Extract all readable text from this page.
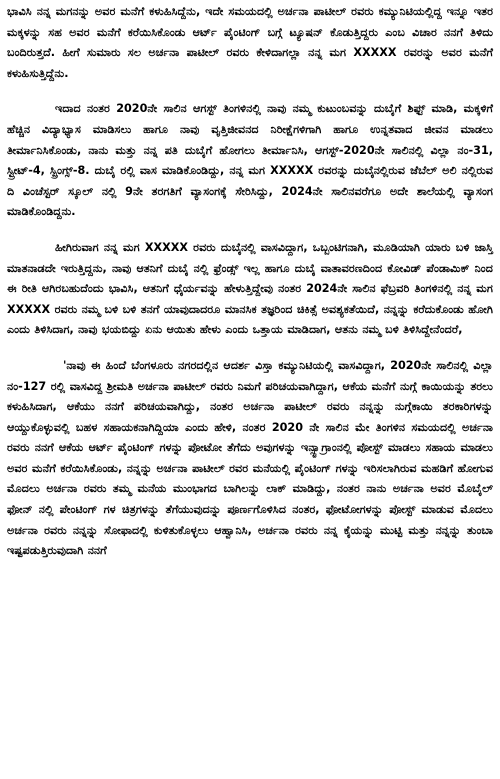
ಭಾವಿಸಿ ನನ್ನ ಮಗನನ್ನು ಅವರ ಮನೆಗೆ ಕಳುಹಿಸಿದ್ದೆನು, ಇದೇ ಸಮಯದಲ್ಲಿ ಅರ್ಚನಾ ಪಾಟೀಲ್ ರವರು ಕಮ್ಯುನಿಟಿಯಲ್ಲಿದ್ದ ಇನ್ನೂ ಇತರ ಮಕ್ಕಳನ್ನು ಸಹ ಅವರ ಮನೆಗೆ ಕರೆಯಿಸಿಕೊಂಡು ಆರ್ಟ್ ಪೈಂಟಿಂಗ್ ಬಗ್ಗೆ ಟ್ಯೂಷನ್ ಕೊಡುತ್ತಿದ್ದರು ಎಂಬ ವಿಚಾರ ನನಗೆ ತಿಳಿದು ಬಂದಿರುತ್ತದೆ. ಹೀಗೆ ಸುಮಾರು ಸಲ ಅರ್ಚನಾ ಪಾಟೀಲ್ ರವರು ಕೇಳಿದಾಗಲ್ಲಾ ನನ್ನ ಮಗ XXXXX ರವರನ್ನು ಅವರ ಮನೆಗೆ ಕಳುಹಿಸುತ್ತಿದ್ದೆನು.

ಇದಾದ ನಂತರ 2020ನೇ ಸಾಲಿನ ಆಗಸ್ಟ್ ತಿಂಗಳಿನಲ್ಲಿ ನಾವು ನಮ್ಮ ಕುಟುಂಬವನ್ನು ದುಬೈಗೆ ಶಿಫ್ಟ್ ಮಾಡಿ, ಮಕ್ಕಳಿಗೆ ಹೆಚ್ಚಿನ ವಿದ್ಯಾಭ್ಯಾಸ ಮಾಡಿಸಲು ಹಾಗೂ ನಾವು ವೃತ್ತಿಜೀವನದ ನಿರೀಕ್ಷೆಗಳಿಗಾಗಿ ಹಾಗೂ ಉನ್ನತವಾದ ಜೀವನ ಮಾಡಲು ತೀರ್ಮಾನಿಸಿಕೊಂಡು, ನಾನು ಮತ್ತು ನನ್ನ ಪತಿ ದುಬೈಗೆ ಹೋಗಲು ತೀರ್ಮಾನಿಸಿ, ಆಗಸ್ಟ್-2020ನೇ ಸಾಲಿನಲ್ಲಿ ವಿಲ್ಲಾ ನಂ-31, ಸ್ಟ್ರೀಟ್-4, ಸ್ಪ್ರಿಂಗ್ಸ್-8. ದುಬೈ ರಲ್ಲಿ ವಾಸ ಮಾಡಿಕೊಂಡಿದ್ದು, ನನ್ನ ಮಗ XXXXX ರವರನ್ನು ದುಬೈನಲ್ಲಿರುವ ಜೆಬೆಲ್ ಅಲಿ ನಲ್ಲಿರುವ ದಿ ವಿಂಚೆಸ್ಟರ್ ಸ್ಕೂಲ್ ನಲ್ಲಿ 9ನೇ ತರಗತಿಗೆ ವ್ಯಾಸಂಗಕ್ಕೆ ಸೇರಿಸಿದ್ದು, 2024ನೇ ಸಾಲಿನವರೆಗೂ ಅದೇ ಶಾಲೆಯಲ್ಲಿ ವ್ಯಾಸಂಗ ಮಾಡಿಕೊಂಡಿದ್ದನು.

ಹೀಗಿರುವಾಗ ನನ್ನ ಮಗ XXXXX ರವರು ದುಬೈನಲ್ಲಿ ವಾಸವಿದ್ದಾಗ, ಒಬ್ಬಂಟಿಗನಾಗಿ, ಮೂಡಿಯಾಗಿ ಯಾರು ಬಳಿ ಜಾಸ್ತಿ ಮಾತನಾಡದೇ ಇರುತ್ತಿದ್ದನು, ನಾವು ಆತನಿಗೆ ದುಬೈ ನಲ್ಲಿ ಫ್ರೆಂಡ್ಸ್ ಇಲ್ಲ ಹಾಗೂ ದುಬೈ ವಾತಾವರಣದಿಂದ ಕೋವಿಡ್ ಪೆಂಡಾಮಿಕ್ ನಿಂದ ಈ ರೀತಿ ಆಗಿರಬಹುದೆಂದು ಭಾವಿಸಿ, ಆತನಿಗೆ ಧೈರ್ಯವನ್ನು ಹೇಳುತ್ತಿದ್ದೇವು ನಂತರ 2024ನೇ ಸಾಲಿನ ಫೆಬ್ರವರಿ ತಿಂಗಳಿನಲ್ಲಿ ನನ್ನ ಮಗ XXXXX ರವರು ನಮ್ಮ ಬಳಿ ಬಳಿ ತನಗೆ ಯಾವುದಾದರೂ ಮಾನಸಿಕ ತಜ್ಞರಿಂದ ಚಿಕಿತ್ಸೆ ಅವಶ್ಯಕತೆಯಿದೆ, ನನ್ನನ್ನು ಕರೆದುಕೊಂಡು ಹೋಗಿ ಎಂದು ತಿಳಿಸಿದಾಗ, ನಾವು ಭಯಬಿದ್ದು ಏನು ಆಯಿತು ಹೇಳು ಎಂದು ಒತ್ತಾಯ ಮಾಡಿದಾಗ, ಆತನು ನಮ್ಮ ಬಳಿ ತಿಳಿಸಿದ್ದೇನೆಂದರೆ,

'ನಾವು ಈ ಹಿಂದೆ ಬೆಂಗಳೂರು ನಗರದಲ್ಲಿನ ಆದರ್ಶ ವಿಸ್ತಾ ಕಮ್ಯುನಿಟಿಯಲ್ಲಿ ವಾಸವಿದ್ದಾಗ, 2020ನೇ ಸಾಲಿನಲ್ಲಿ ವಿಲ್ಲಾ ನಂ-127 ರಲ್ಲಿ ವಾಸವಿದ್ದ ಶ್ರೀಮತಿ ಅರ್ಚನಾ ಪಾಟೀಲ್ ರವರು ನಿಮಗೆ ಪರಿಚಯವಾಗಿದ್ದಾಗ, ಆಕೆಯ ಮನೆಗೆ ನುಗ್ಗೆ ಕಾಯಿಯನ್ನು ತರಲು ಕಳುಹಿಸಿದಾಗ, ಆಕೆಯು ನನಗೆ ಪರಿಚಯವಾಗಿದ್ದು, ನಂತರ ಅರ್ಚನಾ ಪಾಟೀಲ್ ರವರು ನನ್ನನ್ನು ನುಗ್ಗೆಕಾಯಿ ತರಕಾರಿಗಳನ್ನು ಆಯ್ದುಕೊಳ್ಳುವಲ್ಲಿ ಬಹಳ ಸಹಾಯಕನಾಗಿದ್ದಿಯಾ ಎಂದು ಹೇಳಿ, ನಂತರ 2020 ನೇ ಸಾಲಿನ ಮೇ ತಿಂಗಳಿನ ಸಮಯದಲ್ಲಿ ಅರ್ಚನಾ ರವರು ನನಗೆ ಆಕೆಯ ಆರ್ಟ್ ಪೈಂಟಿಂಗ್ ಗಳನ್ನು ಪೋಟೋ ತೆಗೆದು ಅವುಗಳನ್ನು ಇನ್ಸ್ಟಾಗ್ರಾಂನಲ್ಲಿ ಪೋಸ್ಟ್ ಮಾಡಲು ಸಹಾಯ ಮಾಡಲು ಅವರ ಮನೆಗೆ ಕರೆಯಿಸಿಕೊಂಡು, ನನ್ನನ್ನು ಅರ್ಚನಾ ಪಾಟೀಲ್ ರವರ ಮನೆಯಲ್ಲಿ ಪೈಂಟಿಂಗ್ ಗಳನ್ನು ಇರಿಸಲಾಗಿರುವ ಮಹಡಿಗೆ ಹೋಗುವ ಮೊದಲು ಅರ್ಚನಾ ರವರು ತಮ್ಮ ಮನೆಯ ಮುಂಭಾಗದ ಬಾಗಿಲನ್ನು ಲಾಕ್ ಮಾಡಿದ್ದು, ನಂತರ ನಾನು ಅರ್ಚನಾ ಅವರ ಮೊಬೈಲ್ ಫೋನ್ ನಲ್ಲಿ ಪೇಂಟಿಂಗ್ ಗಳ ಚಿತ್ರಗಳನ್ನು ತೆಗೆಯುವುದನ್ನು ಪೂರ್ಣಗೊಳಿಸಿದ ನಂತರ, ಫೋಟೋಗಳನ್ನು ಪೋಸ್ಟ್ ಮಾಡುವ ಮೊದಲು ಅರ್ಚನಾ ರವರು ನನ್ನನ್ನು ಸೋಫಾದಲ್ಲಿ ಕುಳಿತುಕೊಳ್ಳಲು ಆಹ್ವಾನಿಸಿ, ಅರ್ಚನಾ ರವರು ನನ್ನ ಕೈಯನ್ನು ಮುಟ್ಟಿ ಮತ್ತು ನನ್ನನ್ನು ತುಂಬಾ ಇಷ್ಟಪಡುತ್ತಿರುವುದಾಗಿ ನನಗೆ
